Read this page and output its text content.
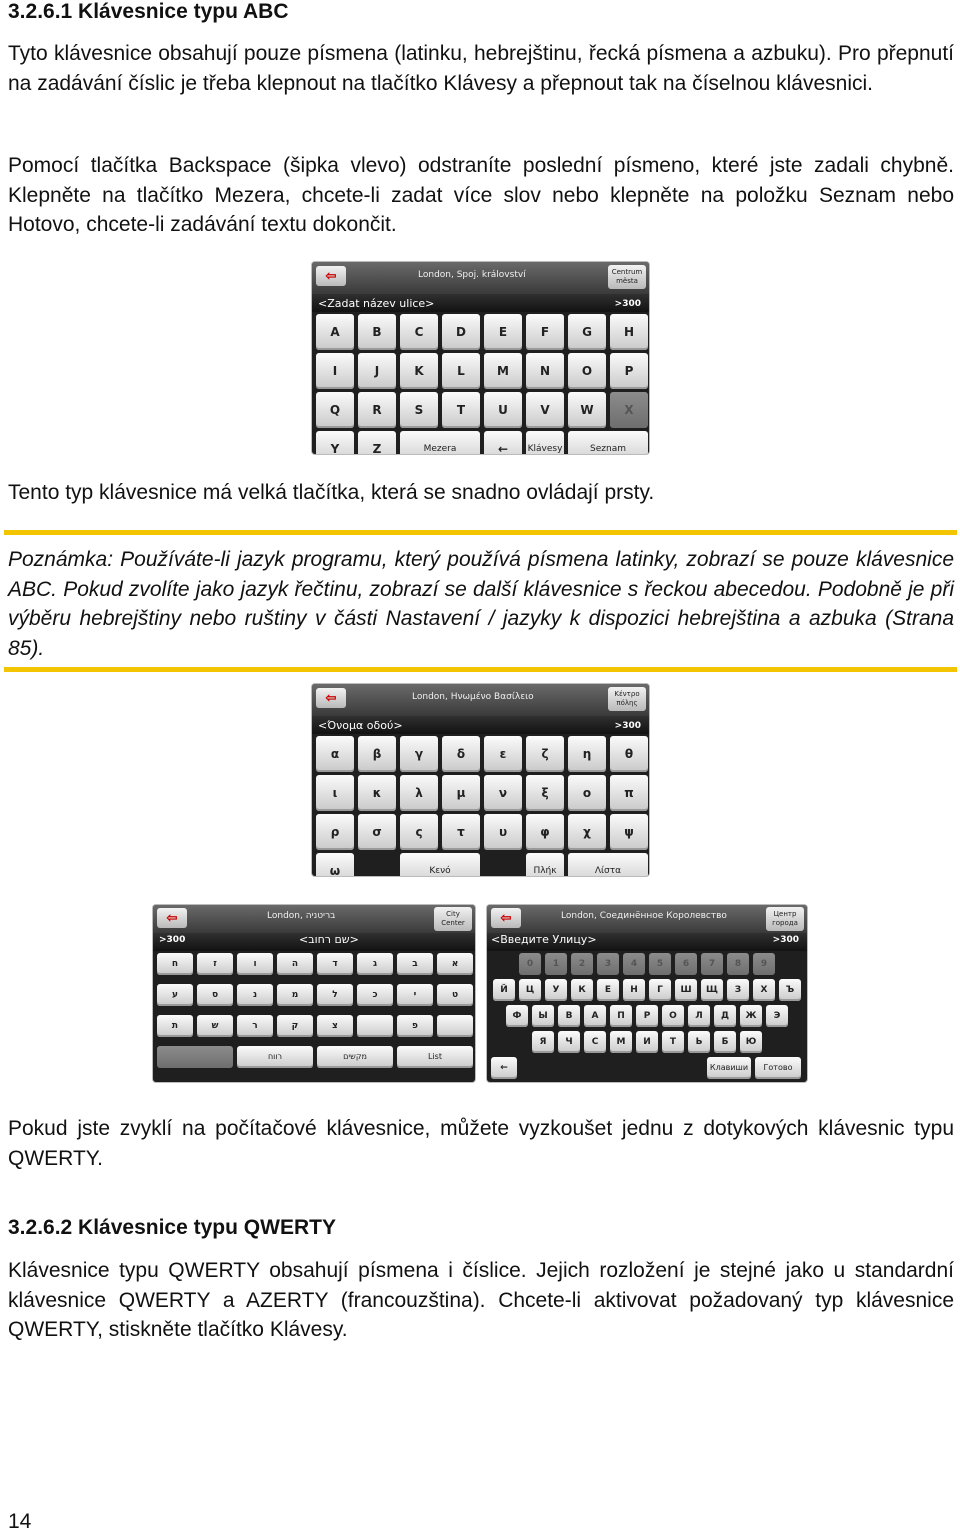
3.2.6.1 Klávesnice typu ABC

Tyto klávesnice obsahují pouze písmena (latinku, hebrejštinu, řecká písmena a azbuku). Pro přepnutí na zadávání číslic je třeba klepnout na tlačítko Klávesy a přepnout tak na číselnou klávesnici.

Pomocí tlačítka Backspace (šipka vlevo) odstraníte poslední písmeno, které jste zadali chybně. Klepněte na tlačítko Mezera, chcete-li zadat více slov nebo klepněte na položku Seznam nebo Hotovo, chcete-li zadávání textu dokončit.

⇦	London, Spoj. království	Centrum města
<Zadat název ulice>	>300
A	B	C	D	E	F	G	H
I	J	K	L	M	N	O	P
Q	R	S	T	U	V	W	X
Y	Z	Mezera	←	Klávesy	Seznam

Tento typ klávesnice má velká tlačítka, která se snadno ovládají prsty.

Poznámka: Používáte-li jazyk programu, který používá písmena latinky, zobrazí se pouze klávesnice ABC. Pokud zvolíte jako jazyk řečtinu, zobrazí se další klávesnice s řeckou abecedou. Podobně je při výběru hebrejštiny nebo ruštiny v části Nastavení / jazyky k dispozici hebrejština a azbuka (Strana 85).

⇦	London, Ηνωμένο Βασίλειο	Κέντρο πόλης
<Όνομα οδού>	>300
α	β	γ	δ	ε	ζ	η	θ
ι	κ	λ	μ	ν	ξ	ο	π
ρ	σ	ς	τ	υ	φ	χ	ψ
ω	Κενό	Πλήκ	Λίστα
⇦	London, בריטניה	City Center
>300	<שם רחוב>
ח	ז	ו	ה	ד	ג	ב	א
ע	ס	נ	מ	ל	כ	י	ט
ת	ש	ר	ק	צ	פ
רווח	מקשים	List
⇦	London, Соединённое Королевство	Центр города
<Введите Улицу>	>300
0	1	2	3	4	5	6	7	8	9
Й	Ц	У	К	Е	Н	Г	Ш	Щ	З	Х	Ъ
Ф	Ы	В	А	П	Р	О	Л	Д	Ж	Э
Я	Ч	С	М	И	Т	Ь	Б	Ю
←	Клавиши	Готово

Pokud jste zvyklí na počítačové klávesnice, můžete vyzkoušet jednu z dotykových klávesnic typu QWERTY.

3.2.6.2 Klávesnice typu QWERTY

Klávesnice typu QWERTY obsahují písmena i číslice. Jejich rozložení je stejné jako u standardní klávesnice QWERTY a AZERTY (francouzština). Chcete-li aktivovat požadovaný typ klávesnice QWERTY, stiskněte tlačítko Klávesy.

14
